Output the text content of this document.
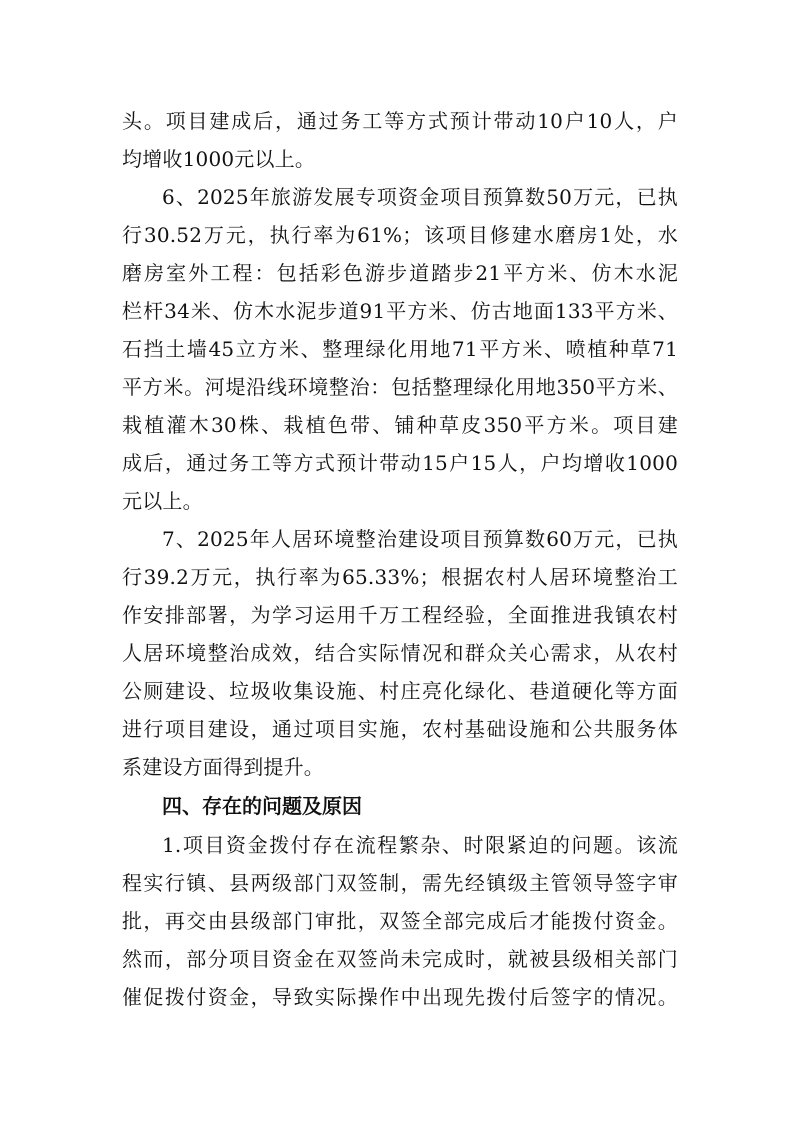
头。项目建成后，通过务工等方式预计带动10户10人，户
均增收1000元以上。
6、2025年旅游发展专项资金项目预算数50万元，已执
行30.52万元，执行率为61%；该项目修建水磨房1处，水
磨房室外工程：包括彩色游步道踏步21平方米、仿木水泥
栏杆34米、仿木水泥步道91平方米、仿古地面133平方米、
石挡土墙45立方米、整理绿化用地71平方米、喷植种草71
平方米。河堤沿线环境整治：包括整理绿化用地350平方米、
栽植灌木30株、栽植色带、铺种草皮350平方米。项目建
成后，通过务工等方式预计带动15户15人，户均增收1000
元以上。
7、2025年人居环境整治建设项目预算数60万元，已执
行39.2万元，执行率为65.33%；根据农村人居环境整治工
作安排部署，为学习运用千万工程经验，全面推进我镇农村
人居环境整治成效，结合实际情况和群众关心需求，从农村
公厕建设、垃圾收集设施、村庄亮化绿化、巷道硬化等方面
进行项目建设，通过项目实施，农村基础设施和公共服务体
系建设方面得到提升。
四、存在的问题及原因
1.项目资金拨付存在流程繁杂、时限紧迫的问题。该流
程实行镇、县两级部门双签制，需先经镇级主管领导签字审
批，再交由县级部门审批，双签全部完成后才能拨付资金。
然而，部分项目资金在双签尚未完成时，就被县级相关部门
催促拨付资金，导致实际操作中出现先拨付后签字的情况。
